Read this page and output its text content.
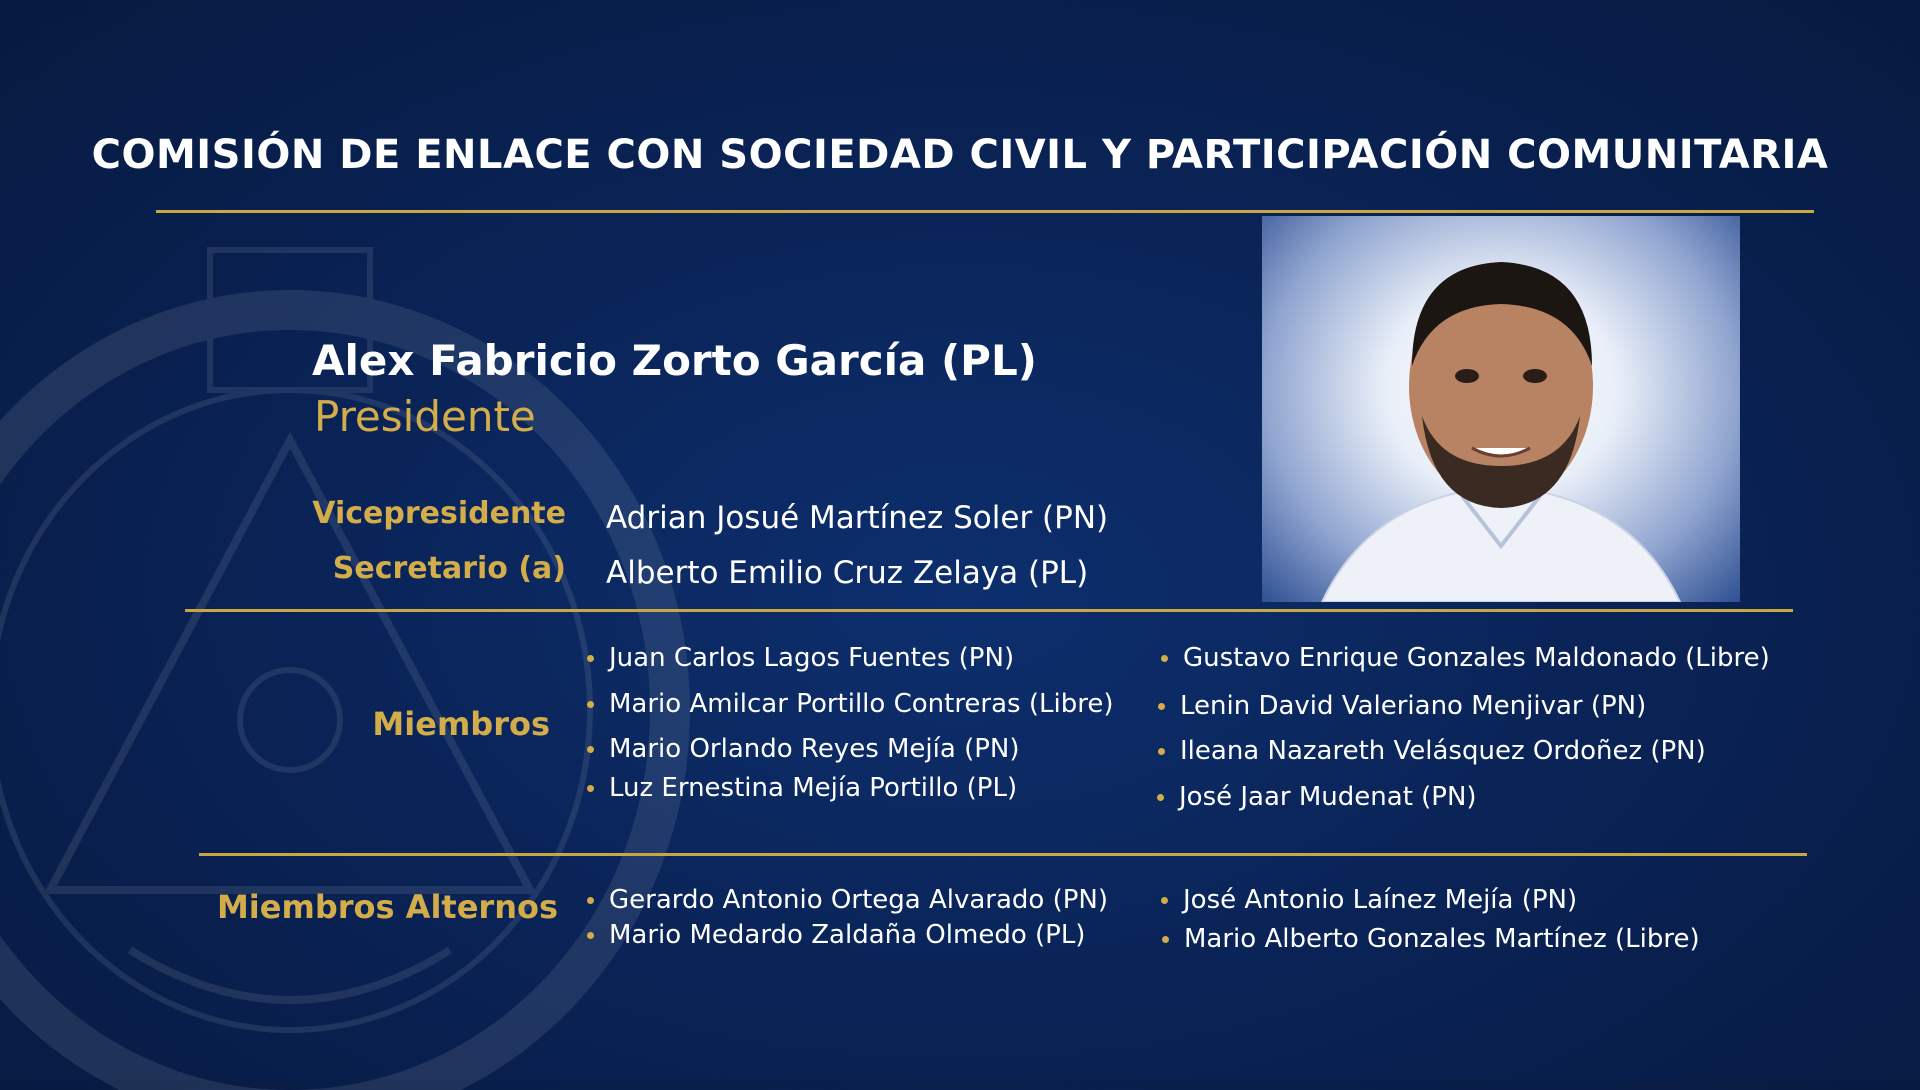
COMISIÓN DE ENLACE CON SOCIEDAD CIVIL Y PARTICIPACIÓN COMUNITARIA
Alex Fabricio Zorto García (PL)
Presidente
Vicepresidente Adrian Josué Martínez Soler (PN)
Secretario (a) Alberto Emilio Cruz Zelaya (PL)
Miembros
Juan Carlos Lagos Fuentes (PN)
Mario Amilcar Portillo Contreras (Libre)
Mario Orlando Reyes Mejía (PN)
Luz Ernestina Mejía Portillo (PL)
Gustavo Enrique Gonzales Maldonado (Libre)
Lenin David Valeriano Menjivar (PN)
Ileana Nazareth Velásquez Ordoñez (PN)
José Jaar Mudenat (PN)
Miembros Alternos Gerardo Antonio Ortega Alvarado (PN)
Mario Medardo Zaldaña Olmedo (PL)
José Antonio Laínez Mejía (PN)
Mario Alberto Gonzales Martínez (Libre)
